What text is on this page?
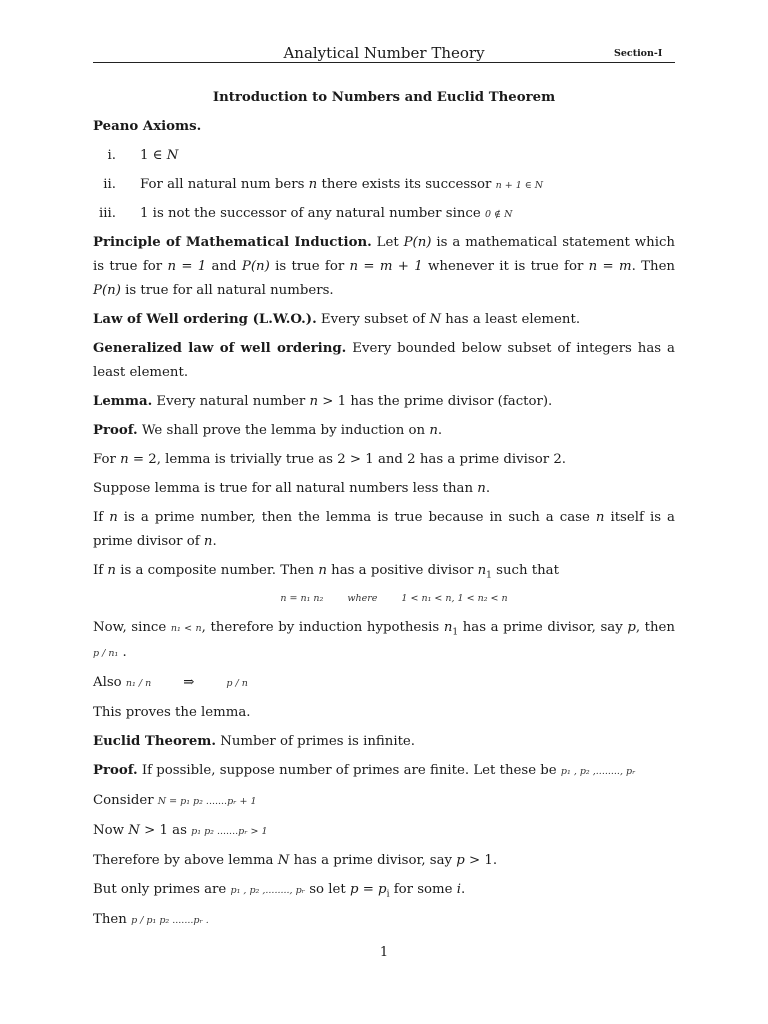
Analytical Number Theory	Section-I
Introduction to Numbers and Euclid Theorem
Peano Axioms.
i. 1 ∈ N
ii. For all natural num bers n there exists its successor n + 1 ∈ N
iii. 1 is not the successor of any natural number since 0 ∉ N
Principle of Mathematical Induction. Let P(n) is a mathematical statement which is true for n = 1 and P(n) is true for n = m + 1 whenever it is true for n = m. Then P(n) is true for all natural numbers.
Law of Well ordering (L.W.O.). Every subset of N has a least element.
Generalized law of well ordering. Every bounded below subset of integers has a least element.
Lemma. Every natural number n > 1 has the prime divisor (factor).
Proof. We shall prove the lemma by induction on n.
For n = 2, lemma is trivially true as 2 > 1 and 2 has a prime divisor 2.
Suppose lemma is true for all natural numbers less than n.
If n is a prime number, then the lemma is true because in such a case n itself is a prime divisor of n.
If n is a composite number. Then n has a positive divisor $n_1$ such that
n = n₁ n₂	where	1 < n₁ < n, 1 < n₂ < n
Now, since n₁ < n, therefore by induction hypothesis $n_1$ has a prime divisor, say p, then p / n₁ .
Also n₁ / n ⇒	p / n
This proves the lemma.
Euclid Theorem. Number of primes is infinite.
Proof. If possible, suppose number of primes are finite. Let these be p₁ , p₂ ,........, pᵣ
Consider N = p₁ p₂ .......pᵣ + 1
Now N > 1 as p₁ p₂ .......pᵣ > 1
Therefore by above lemma N has a prime divisor, say p > 1.
But only primes are p₁ , p₂ ,........, pᵣ so let $p = p_i$ for some i.
Then p / p₁ p₂ .......pᵣ .
1
